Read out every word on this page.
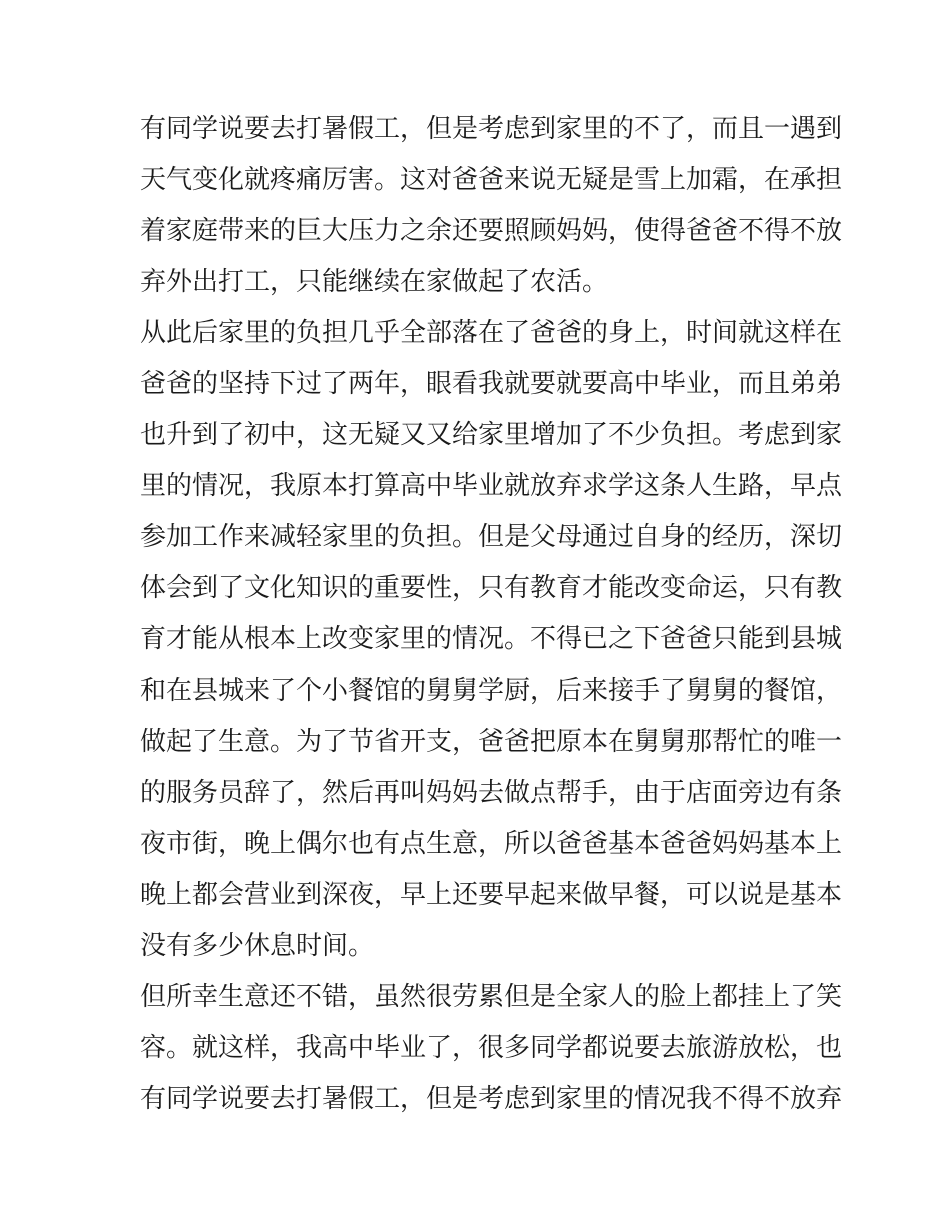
有同学说要去打暑假工，但是考虑到家里的不了，而且一遇到
天气变化就疼痛厉害。这对爸爸来说无疑是雪上加霜，在承担
着家庭带来的巨大压力之余还要照顾妈妈，使得爸爸不得不放
弃外出打工，只能继续在家做起了农活。
从此后家里的负担几乎全部落在了爸爸的身上，时间就这样在
爸爸的坚持下过了两年，眼看我就要就要高中毕业，而且弟弟
也升到了初中，这无疑又又给家里增加了不少负担。考虑到家
里的情况，我原本打算高中毕业就放弃求学这条人生路，早点
参加工作来减轻家里的负担。但是父母通过自身的经历，深切
体会到了文化知识的重要性，只有教育才能改变命运，只有教
育才能从根本上改变家里的情况。不得已之下爸爸只能到县城
和在县城来了个小餐馆的舅舅学厨，后来接手了舅舅的餐馆，
做起了生意。为了节省开支，爸爸把原本在舅舅那帮忙的唯一
的服务员辞了，然后再叫妈妈去做点帮手，由于店面旁边有条
夜市街，晚上偶尔也有点生意，所以爸爸基本爸爸妈妈基本上
晚上都会营业到深夜，早上还要早起来做早餐，可以说是基本
没有多少休息时间。
但所幸生意还不错，虽然很劳累但是全家人的脸上都挂上了笑
容。就这样，我高中毕业了，很多同学都说要去旅游放松，也
有同学说要去打暑假工，但是考虑到家里的情况我不得不放弃
